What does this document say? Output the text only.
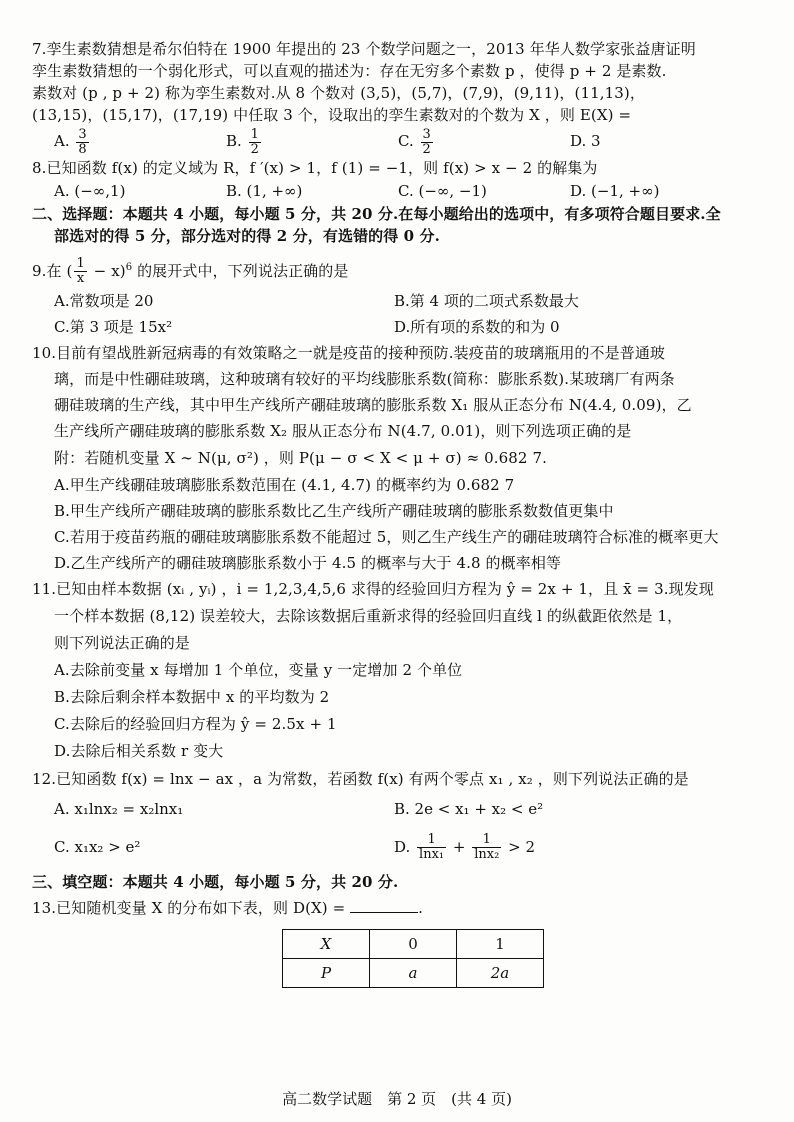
7.孪生素数猜想是希尔伯特在 1900 年提出的 23 个数学问题之一，2013 年华人数学家张益唐证明
孪生素数猜想的一个弱化形式，可以直观的描述为：存在无穷多个素数 p ，使得 p + 2 是素数.
素数对 (p , p + 2) 称为孪生素数对.从 8 个数对 (3,5)，(5,7)，(7,9)，(9,11)，(11,13)，
(13,15)，(15,17)，(17,19) 中任取 3 个，设取出的孪生素数对的个数为 X ，则 E(X) =
A. $\frac{3}{8}$	B. $\frac{1}{2}$	C. $\frac{3}{2}$	D. 3
8.已知函数 f(x) 的定义域为 R，f ′(x) > 1，f (1) = −1，则 f(x) > x − 2 的解集为
A. (−∞,1)	B. (1, +∞)	C. (−∞, −1)	D. (−1, +∞)
二、选择题：本题共 4 小题，每小题 5 分，共 20 分.在每小题给出的选项中，有多项符合题目要求.全
部选对的得 5 分，部分选对的得 2 分，有选错的得 0 分.
9.在 ( $\frac{1}{x} - x)^6$ 的展开式中，下列说法正确的是
A.常数项是 20	B.第 4 项的二项式系数最大
C.第 3 项是 15x²	D.所有项的系数的和为 0
10.目前有望战胜新冠病毒的有效策略之一就是疫苗的接种预防.装疫苗的玻璃瓶用的不是普通玻
璃，而是中性硼硅玻璃，这种玻璃有较好的平均线膨胀系数(简称：膨胀系数).某玻璃厂有两条
硼硅玻璃的生产线，其中甲生产线所产硼硅玻璃的膨胀系数 X₁ 服从正态分布 N(4.4, 0.09)，乙
生产线所产硼硅玻璃的膨胀系数 X₂ 服从正态分布 N(4.7, 0.01)，则下列选项正确的是
附：若随机变量 X ∼ N(μ, σ²) ，则 P(μ − σ < X < μ + σ) ≈ 0.682 7.
A.甲生产线硼硅玻璃膨胀系数范围在 (4.1, 4.7) 的概率约为 0.682 7
B.甲生产线所产硼硅玻璃的膨胀系数比乙生产线所产硼硅玻璃的膨胀系数数值更集中
C.若用于疫苗药瓶的硼硅玻璃膨胀系数不能超过 5，则乙生产线生产的硼硅玻璃符合标准的概率更大
D.乙生产线所产的硼硅玻璃膨胀系数小于 4.5 的概率与大于 4.8 的概率相等
11.已知由样本数据 (xᵢ , yᵢ) ，i = 1,2,3,4,5,6 求得的经验回归方程为 ŷ = 2x + 1，且 x̄ = 3.现发现
一个样本数据 (8,12) 误差较大，去除该数据后重新求得的经验回归直线 l 的纵截距依然是 1，
则下列说法正确的是
A.去除前变量 x 每增加 1 个单位，变量 y 一定增加 2 个单位
B.去除后剩余样本数据中 x 的平均数为 2
C.去除后的经验回归方程为 ŷ = 2.5x + 1
D.去除后相关系数 r 变大
12.已知函数 f(x) = lnx − ax ，a 为常数，若函数 f(x) 有两个零点 x₁ , x₂ ，则下列说法正确的是
A. x₁lnx₂ = x₂lnx₁	B. 2e < x₁ + x₂ < e²
C. x₁x₂ > e²	D. $\frac{1}{\text{lnx₁}} + \frac{1}{\text{lnx₂}} > 2$
三、填空题：本题共 4 小题，每小题 5 分，共 20 分.
13.已知随机变量 X 的分布如下表，则 D(X) =	.
X	0	1
P	a	2a
高二数学试题　第 2 页　(共 4 页)
